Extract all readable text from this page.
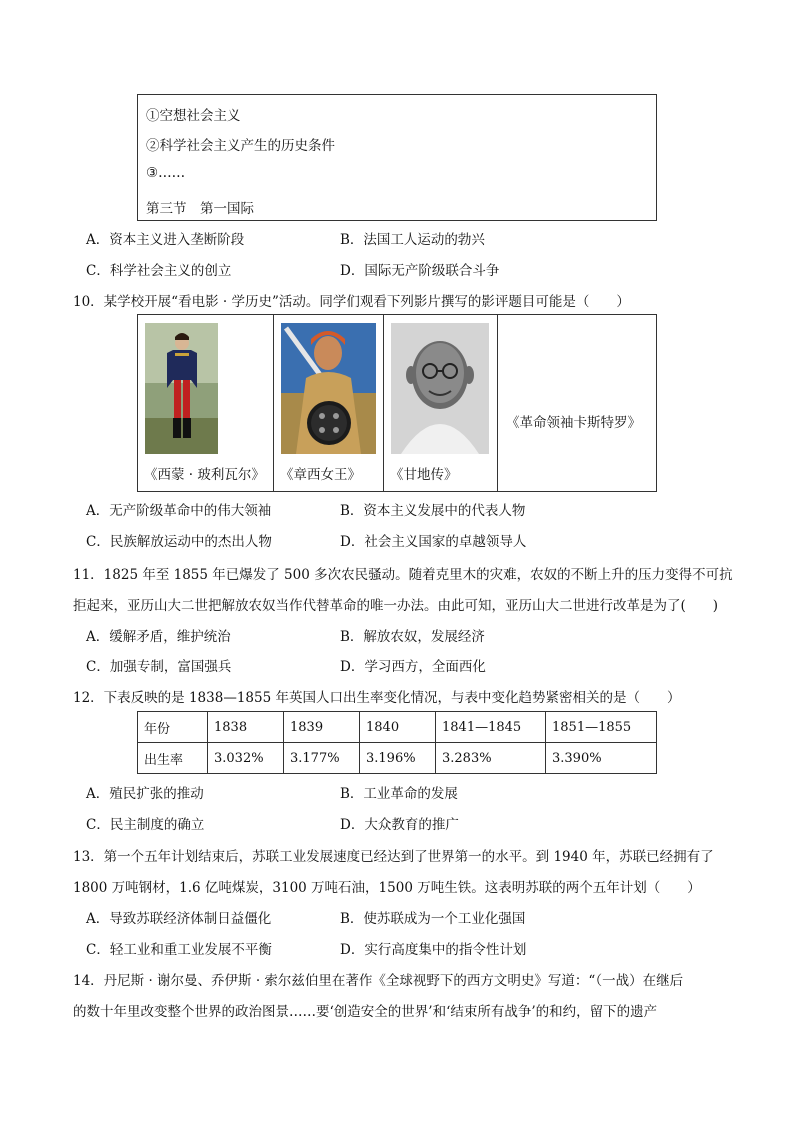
①空想社会主义
②科学社会主义产生的历史条件
③……
第三节　第一国际
A．资本主义进入垄断阶段	B．法国工人运动的勃兴
C．科学社会主义的创立	D．国际无产阶级联合斗争
10．某学校开展“看电影 · 学历史”活动。同学们观看下列影片撰写的影评题目可能是（　　）
《西蒙 · 玻利瓦尔》 《章西女王》 《甘地传》
《革命领袖卡斯特罗》
A．无产阶级革命中的伟大领袖	B．资本主义发展中的代表人物
C．民族解放运动中的杰出人物	D．社会主义国家的卓越领导人
11．1825 年至 1855 年已爆发了 500 多次农民骚动。随着克里木的灾难，农奴的不断上升的压力变得不可抗
拒起来，亚历山大二世把解放农奴当作代替革命的唯一办法。由此可知，亚历山大二世进行改革是为了(　　)
A．缓解矛盾，维护统治	B．解放农奴，发展经济
C．加强专制，富国强兵	D．学习西方，全面西化
12．下表反映的是 1838—1855 年英国人口出生率变化情况，与表中变化趋势紧密相关的是（　　）
年份	1838	1839	1840	1841—1845	1851—1855
出生率	3.032%	3.177%	3.196%	3.283%	3.390%
A．殖民扩张的推动	B．工业革命的发展
C．民主制度的确立	D．大众教育的推广
13．第一个五年计划结束后，苏联工业发展速度已经达到了世界第一的水平。到 1940 年，苏联已经拥有了
1800 万吨钢材，1.6 亿吨煤炭，3100 万吨石油，1500 万吨生铁。这表明苏联的两个五年计划（　　）
A．导致苏联经济体制日益僵化	B．使苏联成为一个工业化强国
C．轻工业和重工业发展不平衡	D．实行高度集中的指令性计划
14．丹尼斯 · 谢尔曼、乔伊斯 · 索尔兹伯里在著作《全球视野下的西方文明史》写道：“（一战）在继后
的数十年里改变整个世界的政治图景……要‘创造安全的世界’和‘结束所有战争’的和约，留下的遗产
